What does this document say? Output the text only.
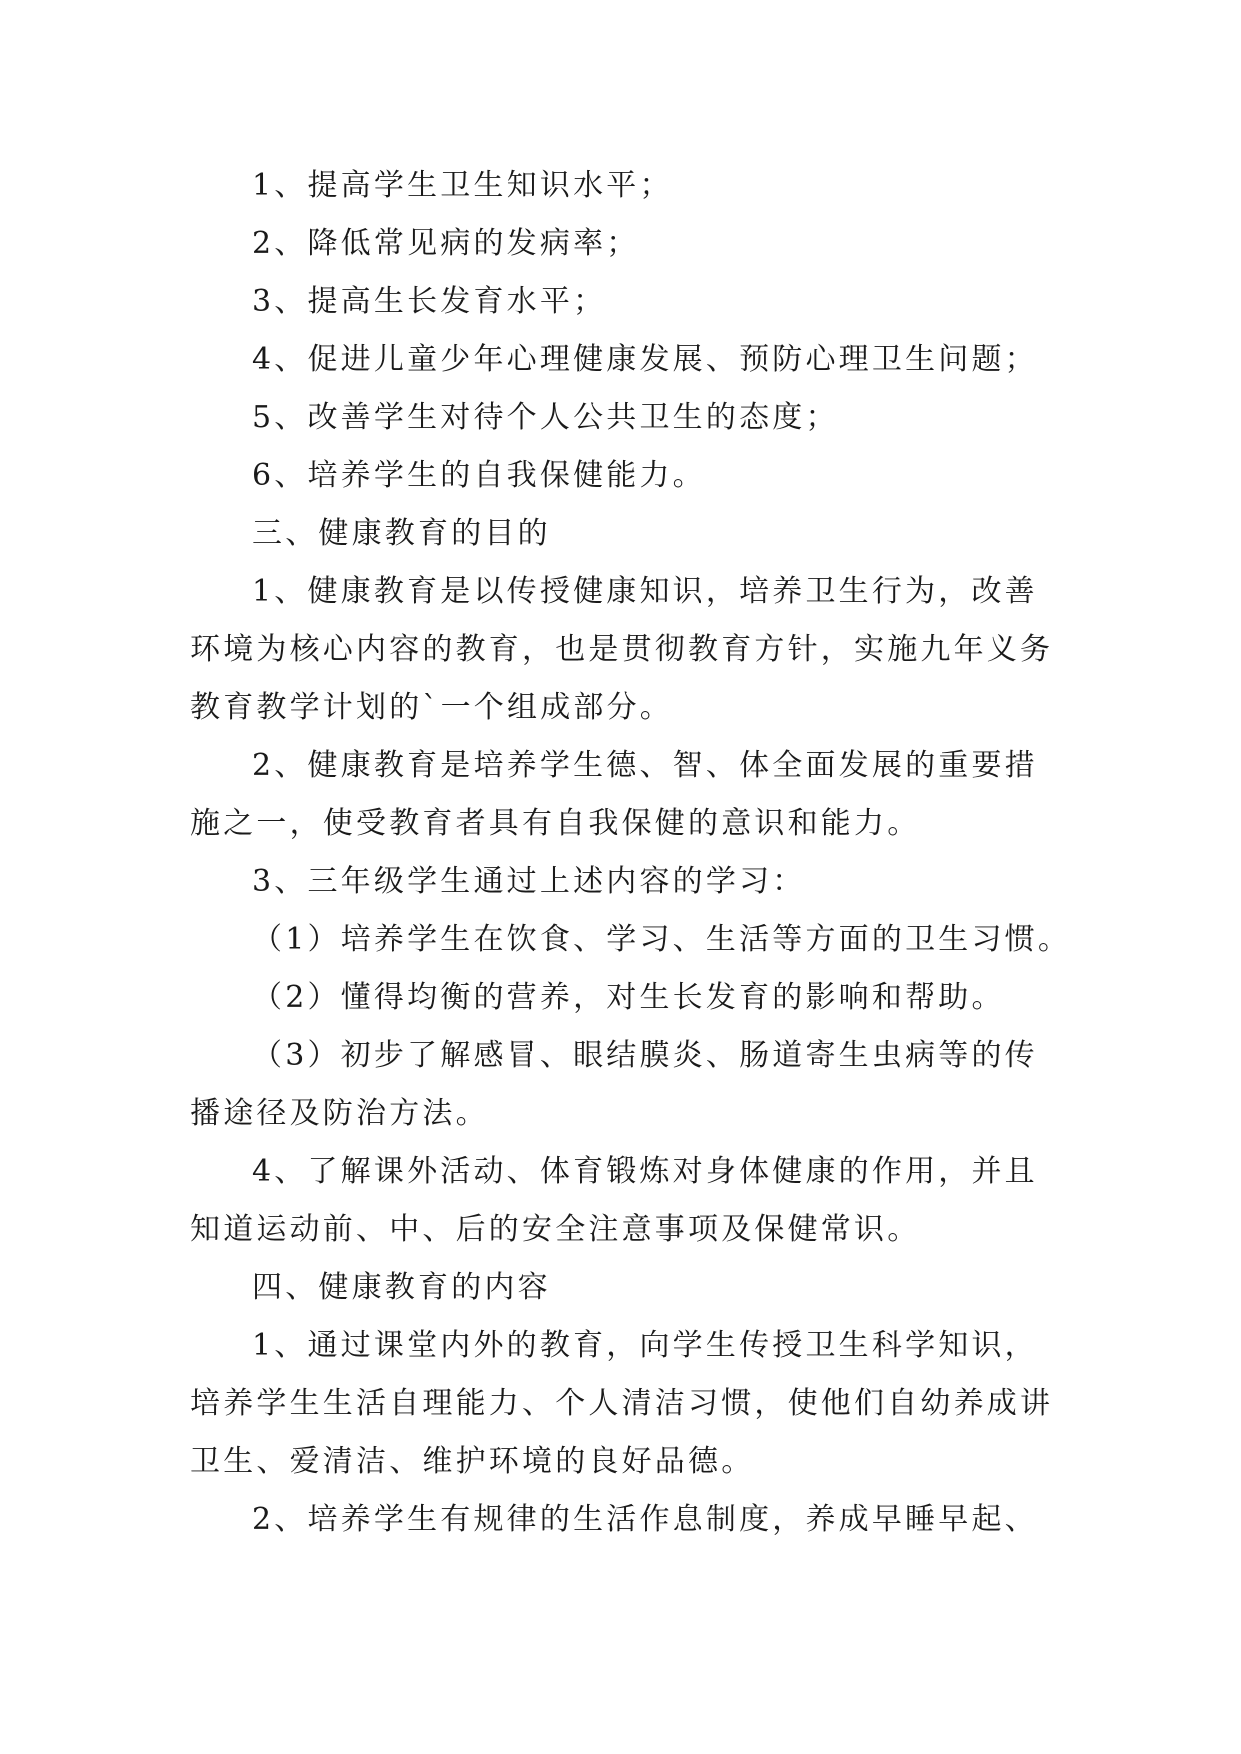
1、提高学生卫生知识水平；

2、降低常见病的发病率；

3、提高生长发育水平；

4、促进儿童少年心理健康发展、预防心理卫生问题；

5、改善学生对待个人公共卫生的态度；

6、培养学生的自我保健能力。

三、健康教育的目的

1、健康教育是以传授健康知识，培养卫生行为，改善

环境为核心内容的教育，也是贯彻教育方针，实施九年义务

教育教学计划的`一个组成部分。

2、健康教育是培养学生德、智、体全面发展的重要措

施之一，使受教育者具有自我保健的意识和能力。

3、三年级学生通过上述内容的学习：

（1）培养学生在饮食、学习、生活等方面的卫生习惯。

（2）懂得均衡的营养，对生长发育的影响和帮助。

（3）初步了解感冒、眼结膜炎、肠道寄生虫病等的传

播途径及防治方法。

4、了解课外活动、体育锻炼对身体健康的作用，并且

知道运动前、中、后的安全注意事项及保健常识。

四、健康教育的内容

1、通过课堂内外的教育，向学生传授卫生科学知识，

培养学生生活自理能力、个人清洁习惯，使他们自幼养成讲

卫生、爱清洁、维护环境的良好品德。

2、培养学生有规律的生活作息制度，养成早睡早起、
